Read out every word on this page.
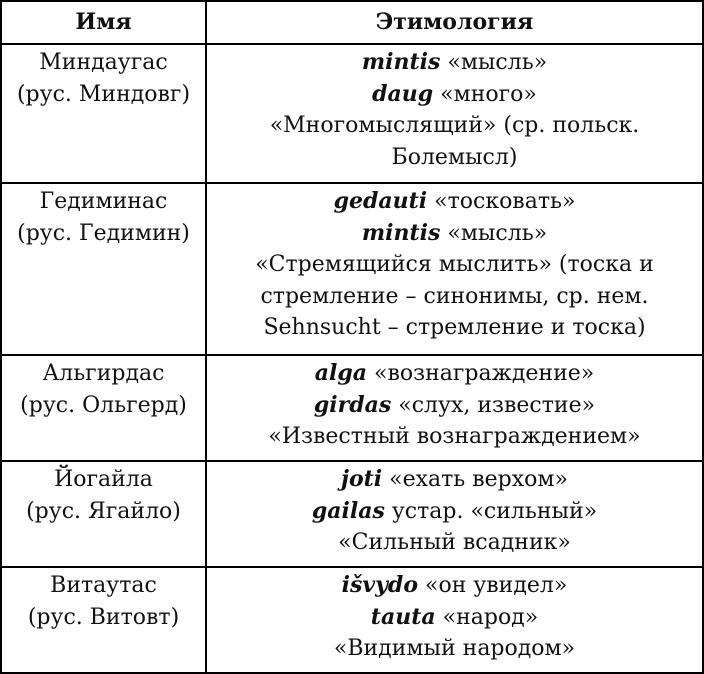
Имя	Этимология

Миндаугас
(рус. Миндовг)	mintis «мысль»
daug «много»
«Многомыслящий» (ср. польск.
Болемысл)

Гедиминас
(рус. Гедимин)	gedauti «тосковать»
mintis «мысль»
«Стремящийся мыслить» (тоска и
стремление – синонимы, ср. нем.
Sehnsucht – стремление и тоска)

Альгирдас
(рус. Ольгерд)	alga «вознаграждение»
girdas «слух, известие»
«Известный вознаграждением»

Йогайла
(рус. Ягайло)	joti «ехать верхом»
gailas устар. «сильный»
«Сильный всадник»

Витаутас
(рус. Витовт)	išvydo «он увидел»
tauta «народ»
«Видимый народом»
